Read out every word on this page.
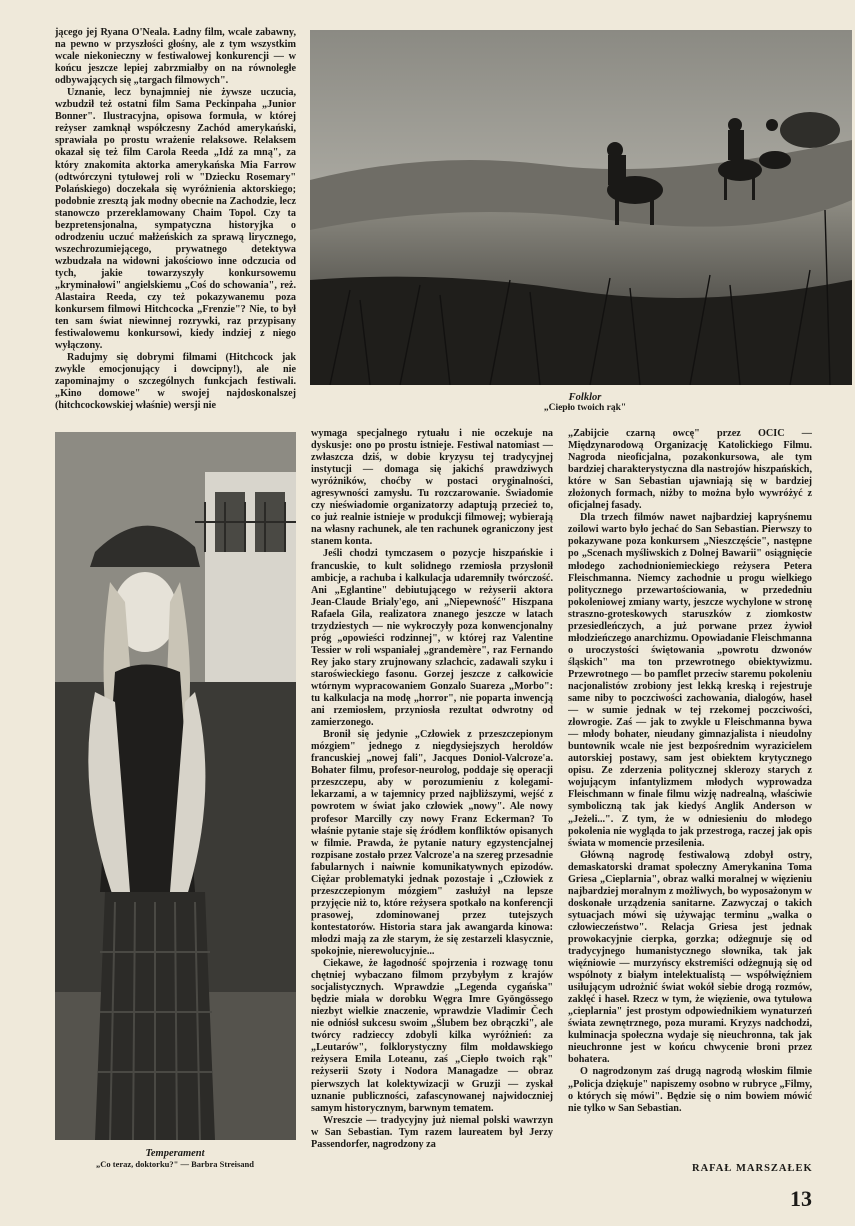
jącego jej Ryana O'Neala. Ładny film, wcale zabawny, na pewno w przyszłości głośny, ale z tym wszystkim wcale niekonieczny w festiwalowej konkurencji — w końcu jeszcze lepiej zabrzmiałby on na równoległe odbywających się „targach filmowych".

Uznanie, lecz bynajmniej nie żywsze uczucia, wzbudził też ostatni film Sama Peckinpaha „Junior Bonner". Ilustracyjna, opisowa formuła, w której reżyser zamknął współczesny Zachód amerykański, sprawiała po prostu wrażenie relaksowe. Relaksem okazał się też film Carola Reeda „Idź za mną", za który znakomita aktorka amerykańska Mia Farrow (odtwórczyni tytułowej roli w "Dziecku Rosemary" Polańskiego) doczekała się wyróżnienia aktorskiego; podobnie zresztą jak modny obecnie na Zachodzie, lecz stanowczo przereklamowany Chaim Topol. Czy ta bezpretensjonalna, sympatyczna historyjka o odrodzeniu uczuć małżeńskich za sprawą lirycznego, wszechrozumiejącego, prywatnego detektywa wzbudzała na widowni jakościowo inne odczucia od tych, jakie towarzyszyły konkursowemu „kryminałowi" angielskiemu „Coś do schowania", reż. Alastaira Reeda, czy też pokazywanemu poza konkursem filmowi Hitchcocka „Frenzie"? Nie, to był ten sam świat niewinnej rozrywki, raz przypisany festiwalowemu konkursowi, kiedy indziej z niego wyłączony.

Radujmy się dobrymi filmami (Hitchcock jak zwykle emocjonujący i dowcipny!), ale nie zapominajmy o szczególnych funkcjach festiwali. „Kino domowe" w swojej najdoskonalszej (hitchcockowskiej właśnie) wersji nie

Folklor
„Ciepło twoich rąk"
Temperament
„Co teraz, doktorku?" — Barbra Streisand

wymaga specjalnego rytuału i nie oczekuje na dyskusje: ono po prostu istnieje. Festiwal natomiast — zwłaszcza dziś, w dobie kryzysu tej tradycyjnej instytucji — domaga się jakichś prawdziwych wyróżników, choćby w postaci oryginalności, agresywności zamysłu. Tu rozczarowanie. Świadomie czy nieświadomie organizatorzy adaptują przecież to, co już realnie istnieje w produkcji filmowej; wybierają na własny rachunek, ale ten rachunek ograniczony jest stanem konta.

Jeśli chodzi tymczasem o pozycje hiszpańskie i francuskie, to kult solidnego rzemiosła przysłonił ambicje, a rachuba i kalkulacja udaremniły twórczość. Ani „Eglantine" debiutującego w reżyserii aktora Jean-Claude Brialy'ego, ani „Niepewność" Hiszpana Rafaela Gila, realizatora znanego jeszcze w latach trzydziestych — nie wykroczyły poza konwencjonalny próg „opowieści rodzinnej", w której raz Valentine Tessier w roli wspaniałej „grandemère", raz Fernando Rey jako stary zrujnowany szlachcic, zadawali szyku i staroświeckiego fasonu. Gorzej jeszcze z całkowicie wtórnym wypracowaniem Gonzalo Suareza „Morbo": tu kalkulacja na modę „horror", nie poparta inwencją ani rzemiosłem, przyniosła rezultat odwrotny od zamierzonego.

Bronił się jedynie „Człowiek z przeszczepionym mózgiem" jednego z niegdysiejszych heroldów francuskiej „nowej fali", Jacques Doniol-Valcroze'a. Bohater filmu, profesor-neurolog, poddaje się operacji przeszczepu, aby w porozumieniu z kolegami-lekarzami, a w tajemnicy przed najbliższymi, wejść z powrotem w świat jako człowiek „nowy". Ale nowy profesor Marcilly czy nowy Franz Eckerman? To właśnie pytanie staje się źródłem konfliktów opisanych w filmie. Prawda, że pytanie natury egzystencjalnej rozpisane zostało przez Valcroze'a na szereg przesadnie fabularnych i naiwnie komunikatywnych epizodów. Ciężar problematyki jednak pozostaje i „Człowiek z przeszczepionym mózgiem" zasłużył na lepsze przyjęcie niż to, które reżysera spotkało na konferencji prasowej, zdominowanej przez tutejszych kontestatorów. Historia stara jak awangarda kinowa: młodzi mają za złe starym, że się zestarzeli klasycznie, spokojnie, nierewolucyjnie...

Ciekawe, że łagodność spojrzenia i rozwagę tonu chętniej wybaczano filmom przybyłym z krajów socjalistycznych. Wprawdzie „Legenda cygańska" będzie miała w dorobku Węgra Imre Gyöngössego niezbyt wielkie znaczenie, wprawdzie Vladimir Čech nie odniósł sukcesu swoim „Ślubem bez obrączki", ale twórcy radzieccy zdobyli kilka wyróżnień: za „Leutarów", folklorystyczny film mołdawskiego reżysera Emila Loteanu, zaś „Ciepło twoich rąk" reżyserii Szoty i Nodora Managadze — obraz pierwszych lat kolektywizacji w Gruzji — zyskał uznanie publiczności, zafascynowanej najwidoczniej samym historycznym, barwnym tematem.

Wreszcie — tradycyjny już niemal polski wawrzyn w San Sebastian. Tym razem laureatem był Jerzy Passendorfer, nagrodzony za

„Zabijcie czarną owcę" przez OCIC — Międzynarodową Organizację Katolickiego Filmu. Nagroda nieoficjalna, pozakonkursowa, ale tym bardziej charakterystyczna dla nastrojów hiszpańskich, które w San Sebastian ujawniają się w bardziej złożonych formach, niżby to można było wywróżyć z oficjalnej fasady.

Dla trzech filmów nawet najbardziej kapryśnemu zoilowi warto było jechać do San Sebastian. Pierwszy to pokazywane poza konkursem „Nieszczęście", następne po „Scenach myśliwskich z Dolnej Bawarii" osiągnięcie młodego zachodnioniemieckiego reżysera Petera Fleischmanna. Niemcy zachodnie u progu wielkiego politycznego przewartościowania, w przededniu pokoleniowej zmiany warty, jeszcze wychylone w stronę straszno-groteskowych staruszków z ziomkostw przesiedleńczych, a już porwane przez żywioł młodzieńczego anarchizmu. Opowiadanie Fleischmanna o uroczystości świętowania „powrotu dzwonów śląskich" ma ton przewrotnego obiektywizmu. Przewrotnego — bo pamflet przeciw staremu pokoleniu nacjonalistów zrobiony jest lekką kreską i rejestruje same niby to poczciwości zachowania, dialogów, haseł — w sumie jednak w tej rzekomej poczciwości, złowrogie. Zaś — jak to zwykle u Fleischmanna bywa — młody bohater, nieudany gimnazjalista i nieudolny buntownik wcale nie jest bezpośrednim wyrazicielem autorskiej postawy, sam jest obiektem krytycznego opisu. Ze zderzenia politycznej sklerozy starych z wojującym infantylizmem młodych wyprowadza Fleischmann w finale filmu wizję nadrealną, właściwie symboliczną tak jak kiedyś Anglik Anderson w „Jeżeli...". Z tym, że w odniesieniu do młodego pokolenia nie wygląda to jak przestroga, raczej jak opis świata w momencie przesilenia.

Główną nagrodę festiwalową zdobył ostry, demaskatorski dramat społeczny Amerykanina Toma Griesa „Cieplarnia", obraz walki moralnej w więzieniu najbardziej moralnym z możliwych, bo wyposażonym w doskonałe urządzenia sanitarne. Zazwyczaj o takich sytuacjach mówi się używając terminu „walka o człowieczeństwo". Relacja Griesa jest jednak prowokacyjnie cierpka, gorzka; odżegnuje się od tradycyjnego humanistycznego słownika, tak jak więźniowie — murzyńscy ekstremiści odżegnują się od wspólnoty z białym intelektualistą — współwięźniem usiłującym udrożnić świat wokół siebie drogą rozmów, zaklęć i haseł. Rzecz w tym, że więzienie, owa tytułowa „cieplarnia" jest prostym odpowiednikiem wynaturzeń świata zewnętrznego, poza murami. Kryzys nadchodzi, kulminacja społeczna wydaje się nieuchronna, tak jak nieuchronne jest w końcu chwycenie broni przez bohatera.

O nagrodzonym zaś drugą nagrodą włoskim filmie „Policja dziękuje" napiszemy osobno w rubryce „Filmy, o których się mówi". Będzie się o nim bowiem mówić nie tylko w San Sebastian.

RAFAŁ MARSZAŁEK
13
